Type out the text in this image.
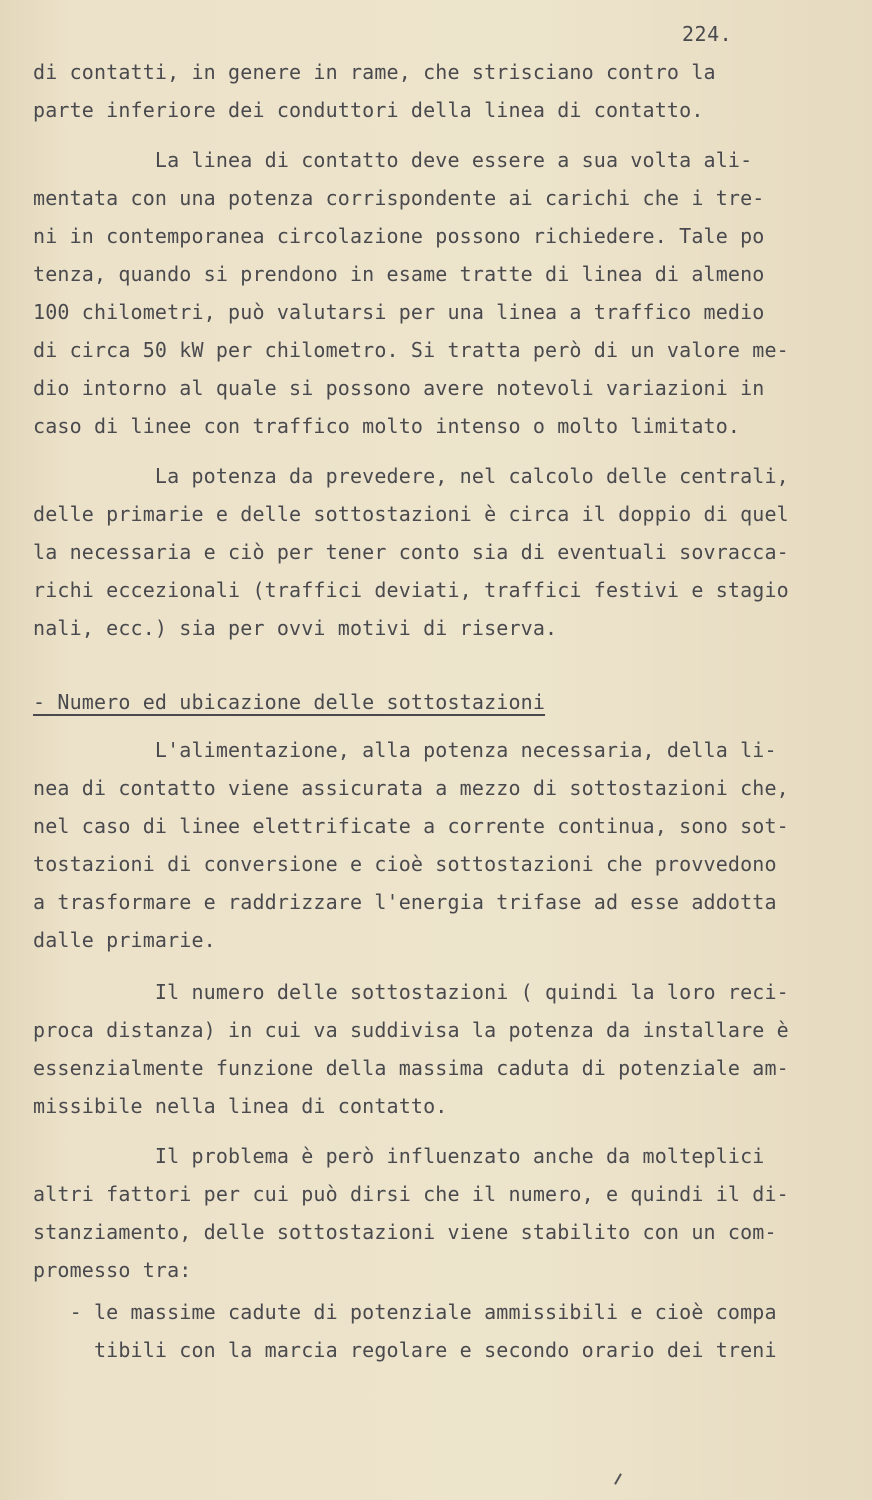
224.
di contatti, in genere in rame, che strisciano contro la
parte inferiore dei conduttori della linea di contatto.
La linea di contatto deve essere a sua volta ali-
mentata con una potenza corrispondente ai carichi che i tre-
ni in contemporanea circolazione possono richiedere. Tale po
tenza, quando si prendono in esame tratte di linea di almeno
100 chilometri, può valutarsi per una linea a traffico medio
di circa 50 kW per chilometro. Si tratta però di un valore me-
dio intorno al quale si possono avere notevoli variazioni in
caso di linee con traffico molto intenso o molto limitato.
La potenza da prevedere, nel calcolo delle centrali,
delle primarie e delle sottostazioni è circa il doppio di quel
la necessaria e ciò per tener conto sia di eventuali sovracca-
richi eccezionali (traffici deviati, traffici festivi e stagio
nali, ecc.) sia per ovvi motivi di riserva.
- Numero ed ubicazione delle sottostazioni
L'alimentazione, alla potenza necessaria, della li-
nea di contatto viene assicurata a mezzo di sottostazioni che,
nel caso di linee elettrificate a corrente continua, sono sot-
tostazioni di conversione e cioè sottostazioni che provvedono
a trasformare e raddrizzare l'energia trifase ad esse addotta
dalle primarie.
Il numero delle sottostazioni ( quindi la loro reci-
proca distanza) in cui va suddivisa la potenza da installare è
essenzialmente funzione della massima caduta di potenziale am-
missibile nella linea di contatto.
Il problema è però influenzato anche da molteplici
altri fattori per cui può dirsi che il numero, e quindi il di-
stanziamento, delle sottostazioni viene stabilito con un com-
promesso tra:
- le massime cadute di potenziale ammissibili e cioè compa
tibili con la marcia regolare e secondo orario dei treni
